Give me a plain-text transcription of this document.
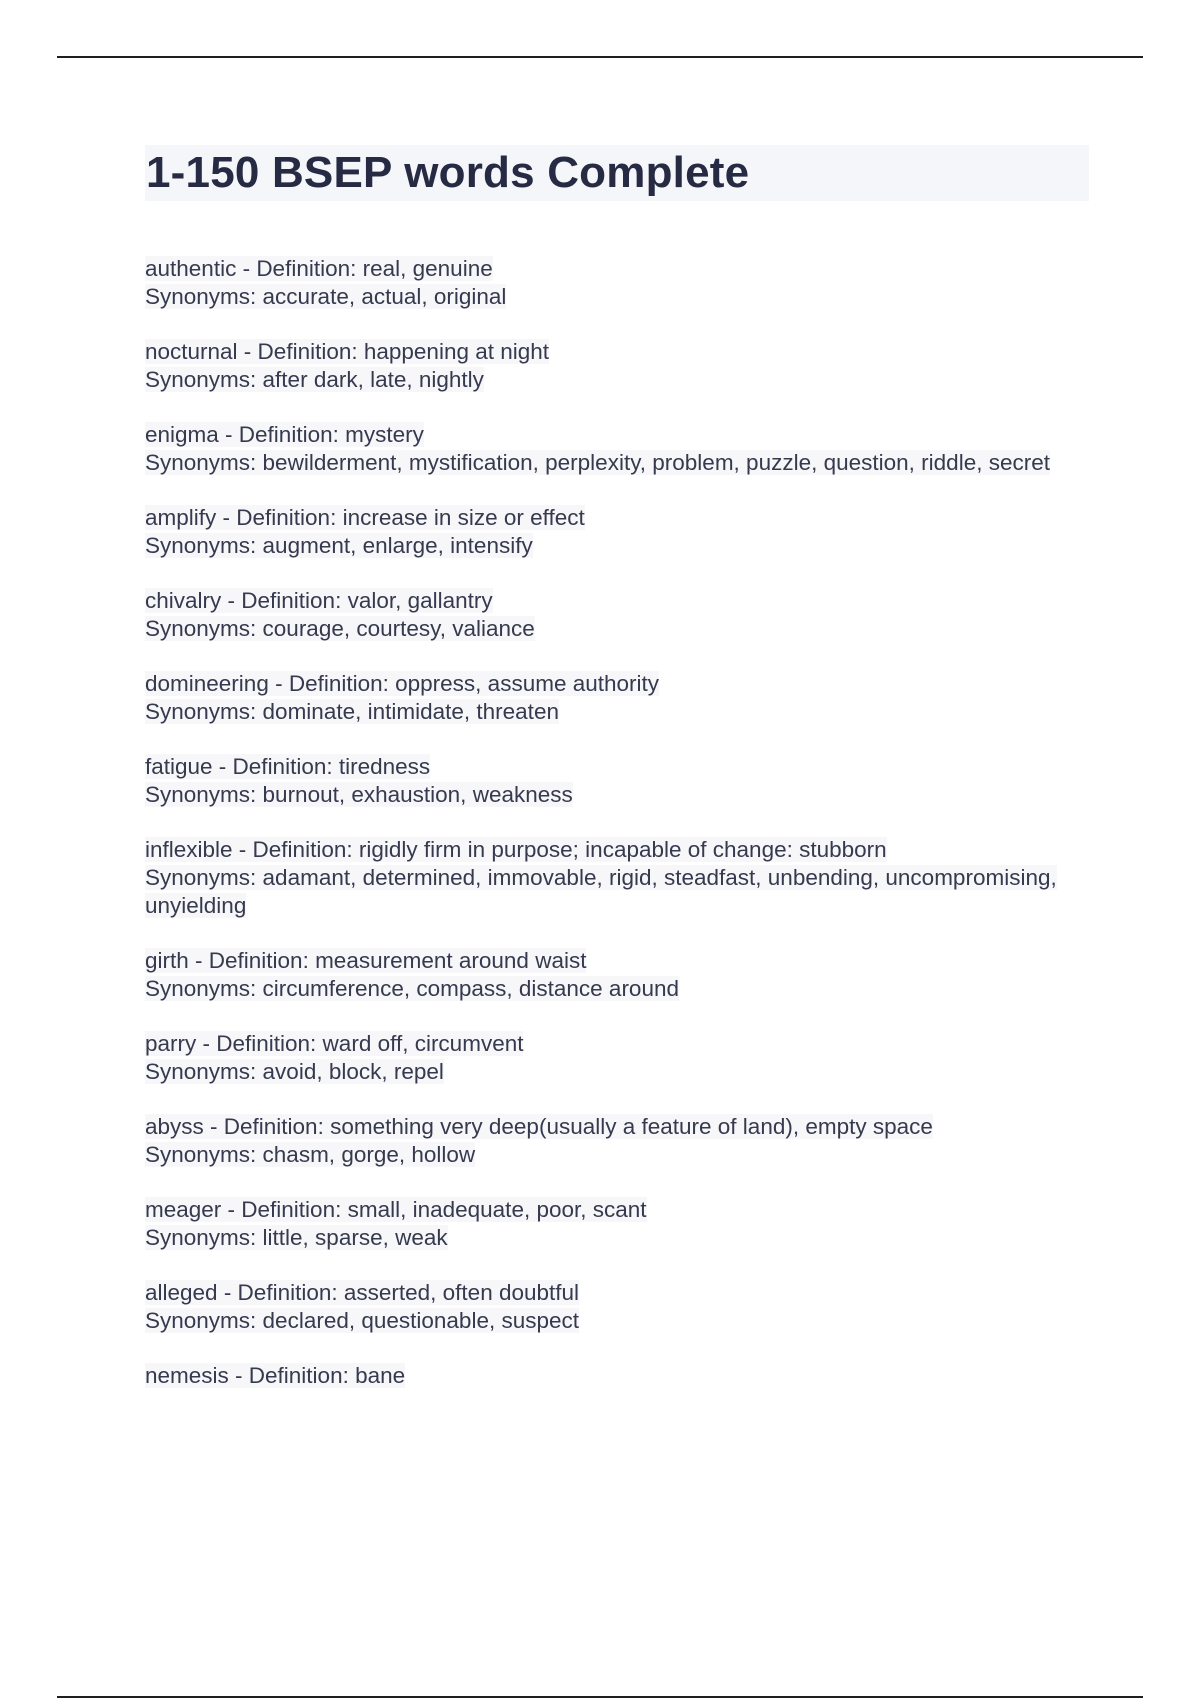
1-150 BSEP words Complete
authentic - Definition: real, genuine
Synonyms: accurate, actual, original
nocturnal - Definition: happening at night
Synonyms: after dark, late, nightly
enigma - Definition: mystery
Synonyms: bewilderment, mystification, perplexity, problem, puzzle, question, riddle, secret
amplify - Definition: increase in size or effect
Synonyms: augment, enlarge, intensify
chivalry - Definition: valor, gallantry
Synonyms: courage, courtesy, valiance
domineering - Definition: oppress, assume authority
Synonyms: dominate, intimidate, threaten
fatigue - Definition: tiredness
Synonyms: burnout, exhaustion, weakness
inflexible - Definition: rigidly firm in purpose; incapable of change: stubborn
Synonyms: adamant, determined, immovable, rigid, steadfast, unbending, uncompromising, unyielding
girth - Definition: measurement around waist
Synonyms: circumference, compass, distance around
parry - Definition: ward off, circumvent
Synonyms: avoid, block, repel
abyss - Definition: something very deep(usually a feature of land), empty space
Synonyms: chasm, gorge, hollow
meager - Definition: small, inadequate, poor, scant
Synonyms: little, sparse, weak
alleged - Definition: asserted, often doubtful
Synonyms: declared, questionable, suspect
nemesis - Definition: bane
